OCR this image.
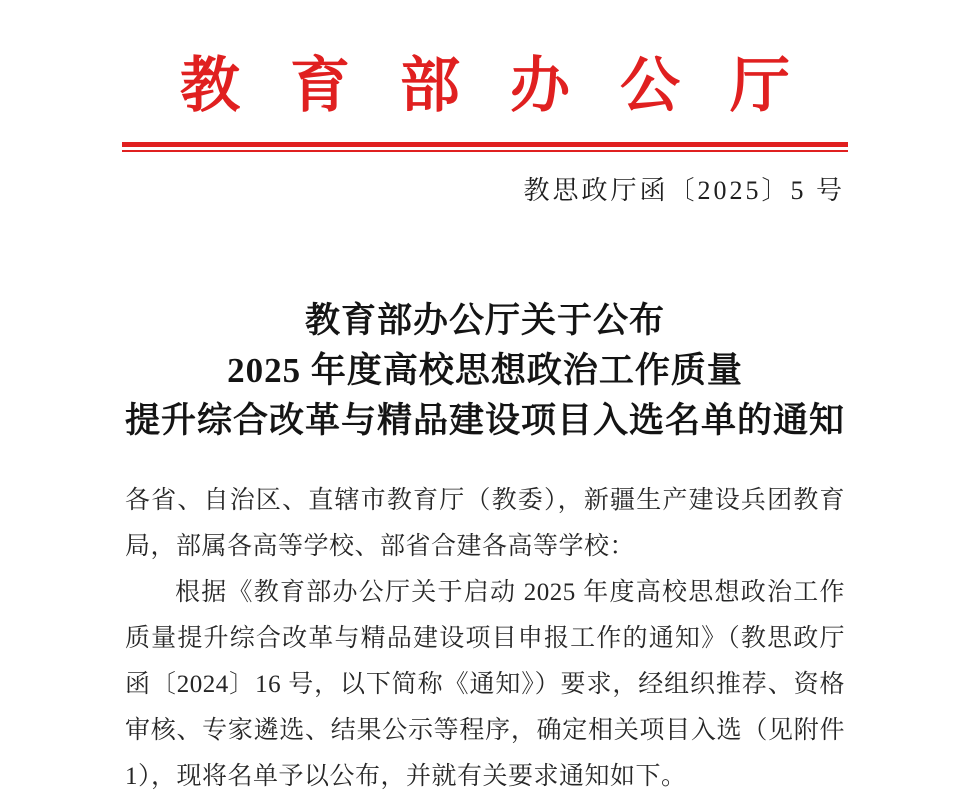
教育部办公厅
教思政厅函〔2025〕5 号
教育部办公厅关于公布
2025 年度高校思想政治工作质量
提升综合改革与精品建设项目入选名单的通知
各省、自治区、直辖市教育厅（教委），新疆生产建设兵团教育
局，部属各高等学校、部省合建各高等学校：
根据《教育部办公厅关于启动 2025 年度高校思想政治工作
质量提升综合改革与精品建设项目申报工作的通知》（教思政厅
函〔2024〕16 号，以下简称《通知》）要求，经组织推荐、资格
审核、专家遴选、结果公示等程序，确定相关项目入选（见附件
1），现将名单予以公布，并就有关要求通知如下。
